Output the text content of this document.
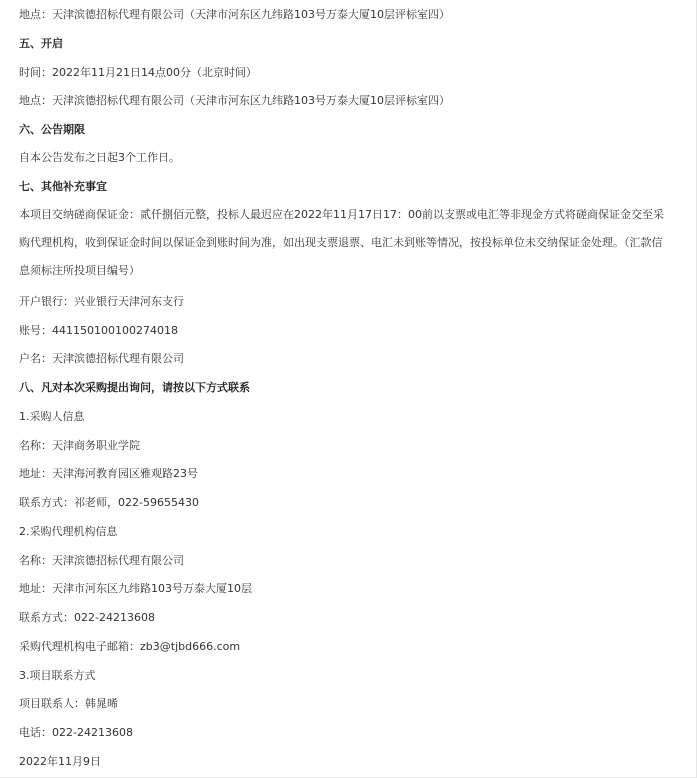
地点：天津滨德招标代理有限公司（天津市河东区九纬路103号万泰大厦10层评标室四）
五、开启
时间：2022年11月21日14点00分（北京时间）
地点：天津滨德招标代理有限公司（天津市河东区九纬路103号万泰大厦10层评标室四）
六、公告期限
自本公告发布之日起3个工作日。
七、其他补充事宜
本项目交纳磋商保证金：贰仟捌佰元整，投标人最迟应在2022年11月17日17：00前以支票或电汇等非现金方式将磋商保证金交至采购代理机构，收到保证金时间以保证金到账时间为准，如出现支票退票、电汇未到账等情况，按投标单位未交纳保证金处理。（汇款信息须标注所投项目编号）
开户银行：兴业银行天津河东支行
账号：441150100100274018
户名：天津滨德招标代理有限公司
八、凡对本次采购提出询问，请按以下方式联系
1.采购人信息
名称：天津商务职业学院
地址：天津海河教育园区雅观路23号
联系方式：祁老师，022-59655430
2.采购代理机构信息
名称：天津滨德招标代理有限公司
地址：天津市河东区九纬路103号万泰大厦10层
联系方式：022-24213608
采购代理机构电子邮箱：zb3@tjbd666.com
3.项目联系方式
项目联系人：韩晁晞
电话：022-24213608
2022年11月9日
